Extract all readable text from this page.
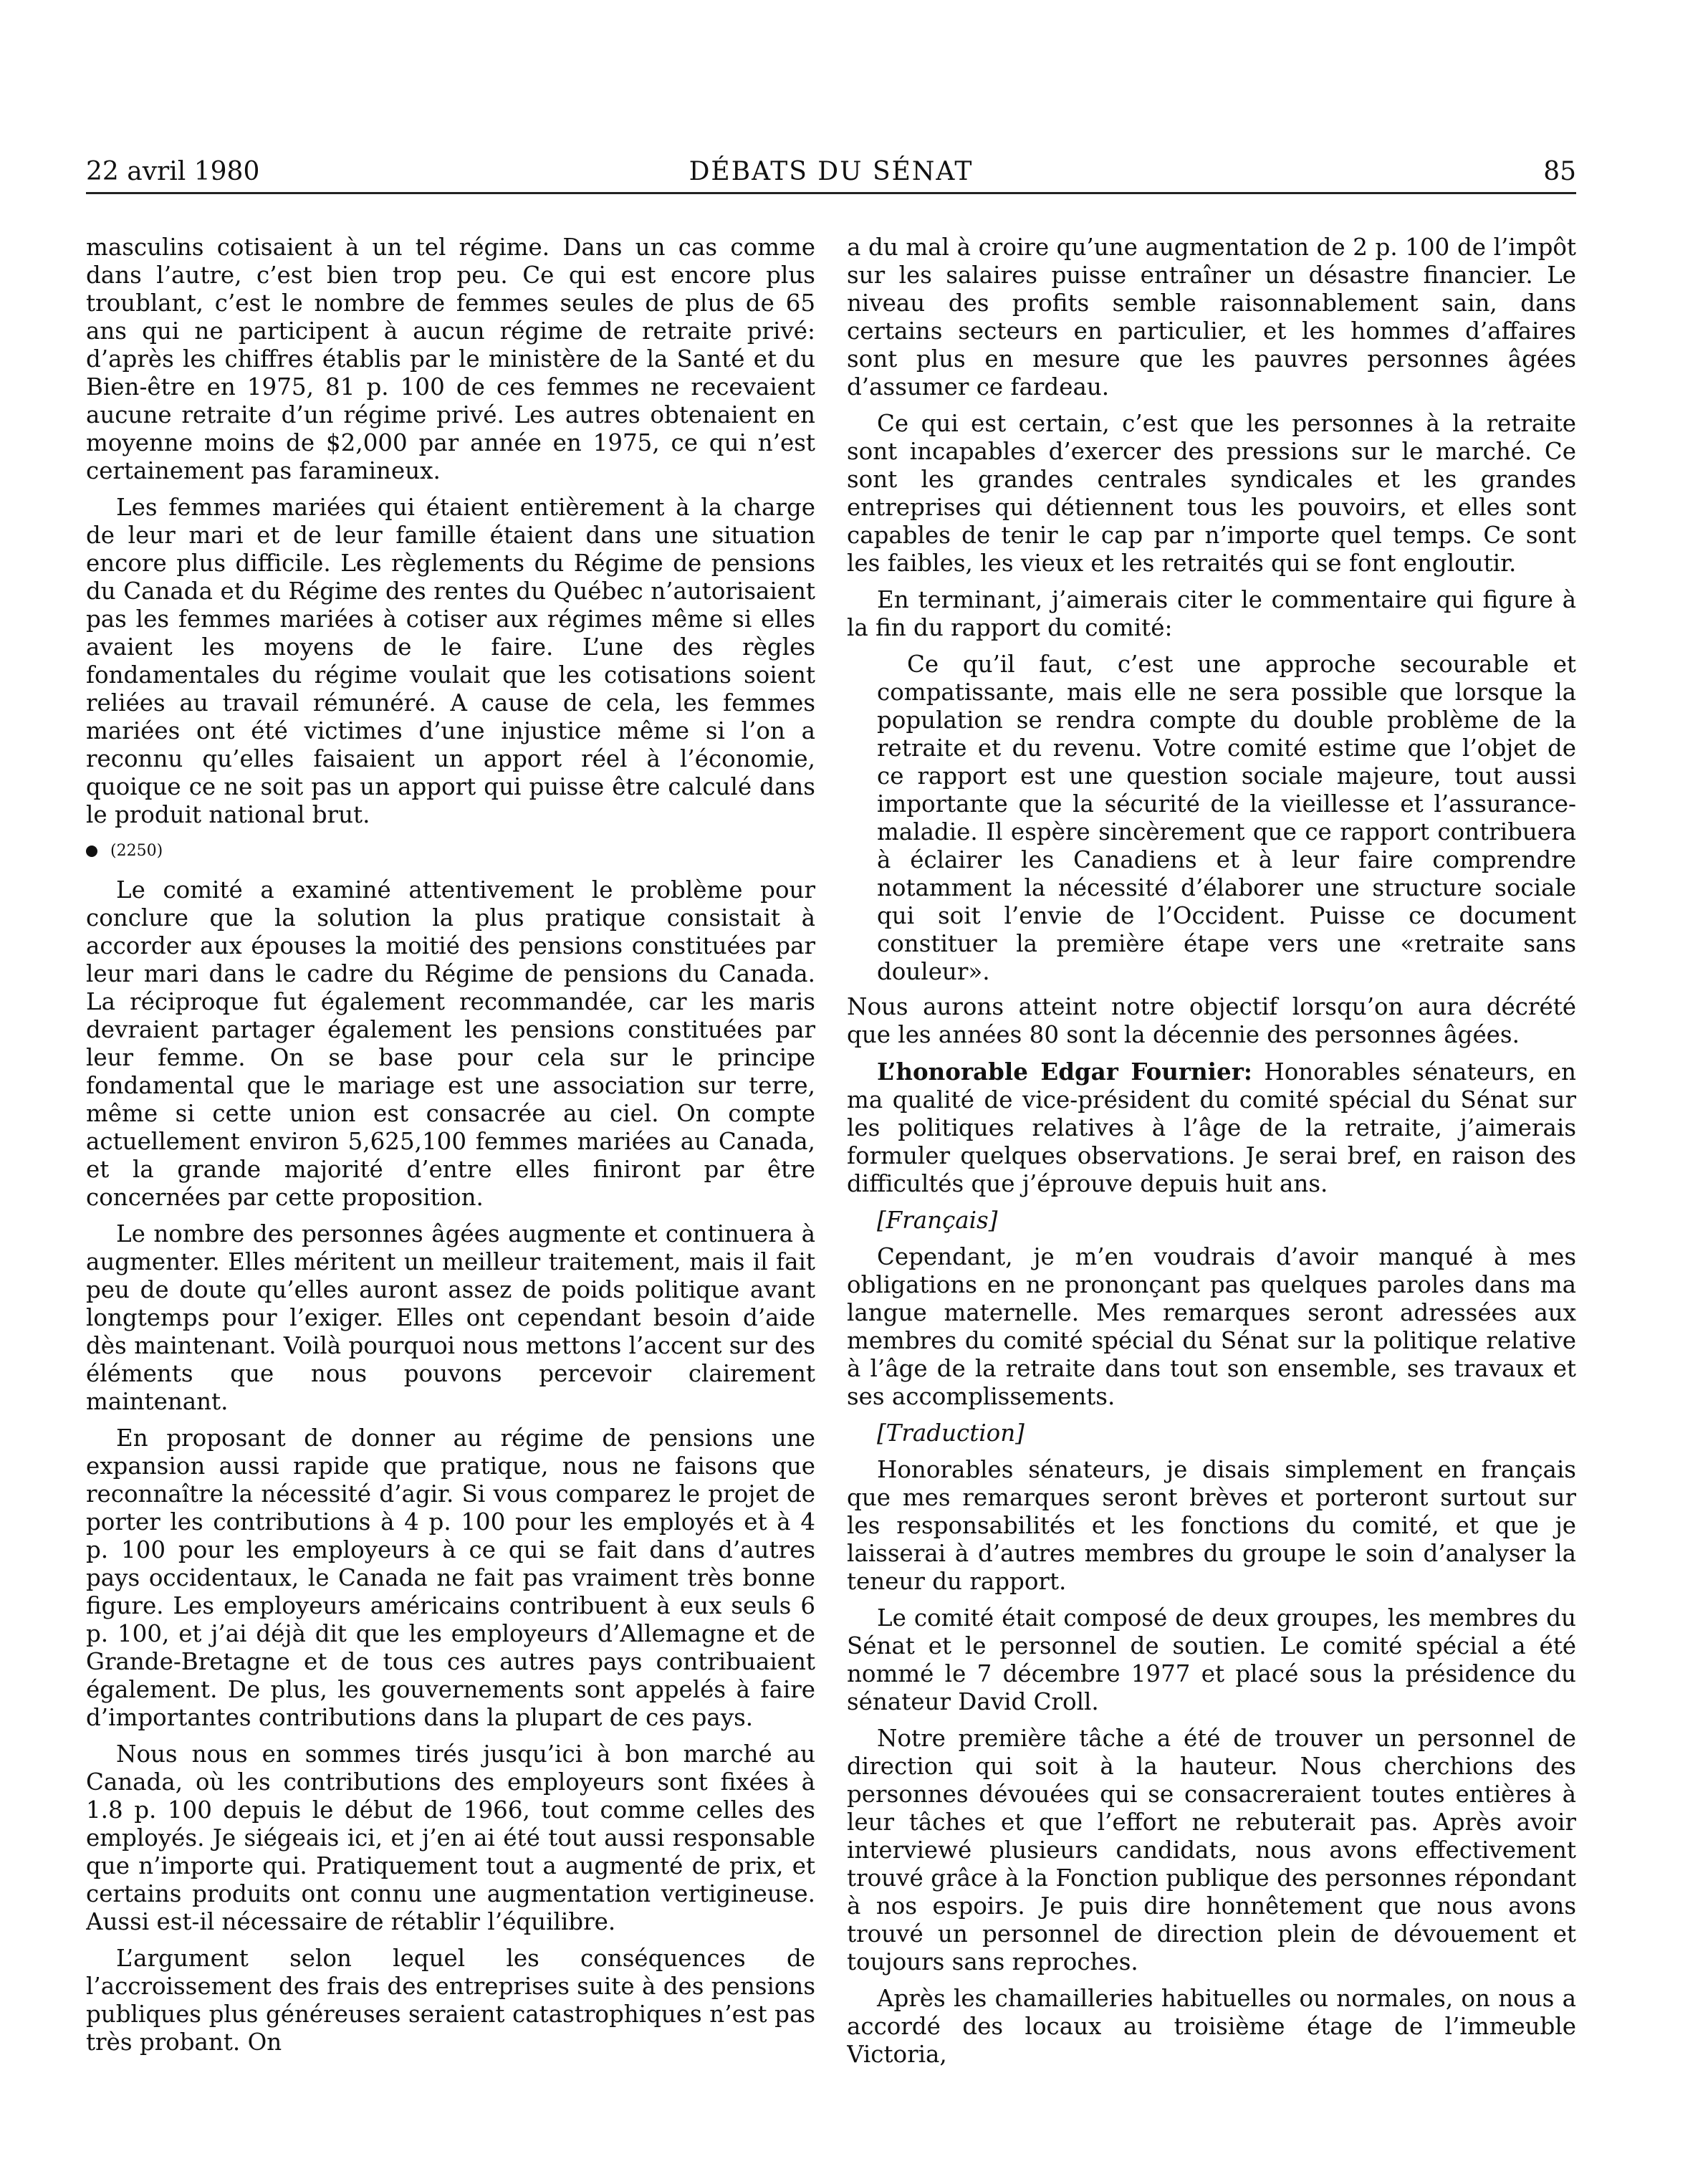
22 avril 1980	DÉBATS DU SÉNAT	85

masculins cotisaient à un tel régime. Dans un cas comme dans l’autre, c’est bien trop peu. Ce qui est encore plus troublant, c’est le nombre de femmes seules de plus de 65 ans qui ne participent à aucun régime de retraite privé: d’après les chiffres établis par le ministère de la Santé et du Bien-être en 1975, 81 p. 100 de ces femmes ne recevaient aucune retraite d’un régime privé. Les autres obtenaient en moyenne moins de $2,000 par année en 1975, ce qui n’est certainement pas faramineux.

Les femmes mariées qui étaient entièrement à la charge de leur mari et de leur famille étaient dans une situation encore plus difficile. Les règlements du Régime de pensions du Canada et du Régime des rentes du Québec n’autorisaient pas les femmes mariées à cotiser aux régimes même si elles avaient les moyens de le faire. L’une des règles fondamentales du régime voulait que les cotisations soient reliées au travail rémunéré. A cause de cela, les femmes mariées ont été victimes d’une injustice même si l’on a reconnu qu’elles faisaient un apport réel à l’économie, quoique ce ne soit pas un apport qui puisse être calculé dans le produit national brut.

(2250)

Le comité a examiné attentivement le problème pour conclure que la solution la plus pratique consistait à accorder aux épouses la moitié des pensions constituées par leur mari dans le cadre du Régime de pensions du Canada. La réciproque fut également recommandée, car les maris devraient partager également les pensions constituées par leur femme. On se base pour cela sur le principe fondamental que le mariage est une association sur terre, même si cette union est consacrée au ciel. On compte actuellement environ 5,625,100 femmes mariées au Canada, et la grande majorité d’entre elles finiront par être concernées par cette proposition.

Le nombre des personnes âgées augmente et continuera à augmenter. Elles méritent un meilleur traitement, mais il fait peu de doute qu’elles auront assez de poids politique avant longtemps pour l’exiger. Elles ont cependant besoin d’aide dès maintenant. Voilà pourquoi nous mettons l’accent sur des éléments que nous pouvons percevoir clairement maintenant.

En proposant de donner au régime de pensions une expansion aussi rapide que pratique, nous ne faisons que reconnaître la nécessité d’agir. Si vous comparez le projet de porter les contributions à 4 p. 100 pour les employés et à 4 p. 100 pour les employeurs à ce qui se fait dans d’autres pays occidentaux, le Canada ne fait pas vraiment très bonne figure. Les employeurs américains contribuent à eux seuls 6 p. 100, et j’ai déjà dit que les employeurs d’Allemagne et de Grande-Bretagne et de tous ces autres pays contribuaient également. De plus, les gouvernements sont appelés à faire d’importantes contributions dans la plupart de ces pays.

Nous nous en sommes tirés jusqu’ici à bon marché au Canada, où les contributions des employeurs sont fixées à 1.8 p. 100 depuis le début de 1966, tout comme celles des employés. Je siégeais ici, et j’en ai été tout aussi responsable que n’importe qui. Pratiquement tout a augmenté de prix, et certains produits ont connu une augmentation vertigineuse. Aussi est-il nécessaire de rétablir l’équilibre.

L’argument selon lequel les conséquences de l’accroissement des frais des entreprises suite à des pensions publiques plus généreuses seraient catastrophiques n’est pas très probant. On

a du mal à croire qu’une augmentation de 2 p. 100 de l’impôt sur les salaires puisse entraîner un désastre financier. Le niveau des profits semble raisonnablement sain, dans certains secteurs en particulier, et les hommes d’affaires sont plus en mesure que les pauvres personnes âgées d’assumer ce fardeau.

Ce qui est certain, c’est que les personnes à la retraite sont incapables d’exercer des pressions sur le marché. Ce sont les grandes centrales syndicales et les grandes entreprises qui détiennent tous les pouvoirs, et elles sont capables de tenir le cap par n’importe quel temps. Ce sont les faibles, les vieux et les retraités qui se font engloutir.

En terminant, j’aimerais citer le commentaire qui figure à la fin du rapport du comité:

Ce qu’il faut, c’est une approche secourable et compatissante, mais elle ne sera possible que lorsque la population se rendra compte du double problème de la retraite et du revenu. Votre comité estime que l’objet de ce rapport est une question sociale majeure, tout aussi importante que la sécurité de la vieillesse et l’assurance-maladie. Il espère sincèrement que ce rapport contribuera à éclairer les Canadiens et à leur faire comprendre notamment la nécessité d’élaborer une structure sociale qui soit l’envie de l’Occident. Puisse ce document constituer la première étape vers une «retraite sans douleur».

Nous aurons atteint notre objectif lorsqu’on aura décrété que les années 80 sont la décennie des personnes âgées.

L’honorable Edgar Fournier: Honorables sénateurs, en ma qualité de vice-président du comité spécial du Sénat sur les politiques relatives à l’âge de la retraite, j’aimerais formuler quelques observations. Je serai bref, en raison des difficultés que j’éprouve depuis huit ans.

[Français]

Cependant, je m’en voudrais d’avoir manqué à mes obligations en ne prononçant pas quelques paroles dans ma langue maternelle. Mes remarques seront adressées aux membres du comité spécial du Sénat sur la politique relative à l’âge de la retraite dans tout son ensemble, ses travaux et ses accomplissements.

[Traduction]

Honorables sénateurs, je disais simplement en français que mes remarques seront brèves et porteront surtout sur les responsabilités et les fonctions du comité, et que je laisserai à d’autres membres du groupe le soin d’analyser la teneur du rapport.

Le comité était composé de deux groupes, les membres du Sénat et le personnel de soutien. Le comité spécial a été nommé le 7 décembre 1977 et placé sous la présidence du sénateur David Croll.

Notre première tâche a été de trouver un personnel de direction qui soit à la hauteur. Nous cherchions des personnes dévouées qui se consacreraient toutes entières à leur tâches et que l’effort ne rebuterait pas. Après avoir interviewé plusieurs candidats, nous avons effectivement trouvé grâce à la Fonction publique des personnes répondant à nos espoirs. Je puis dire honnêtement que nous avons trouvé un personnel de direction plein de dévouement et toujours sans reproches.

Après les chamailleries habituelles ou normales, on nous a accordé des locaux au troisième étage de l’immeuble Victoria,
